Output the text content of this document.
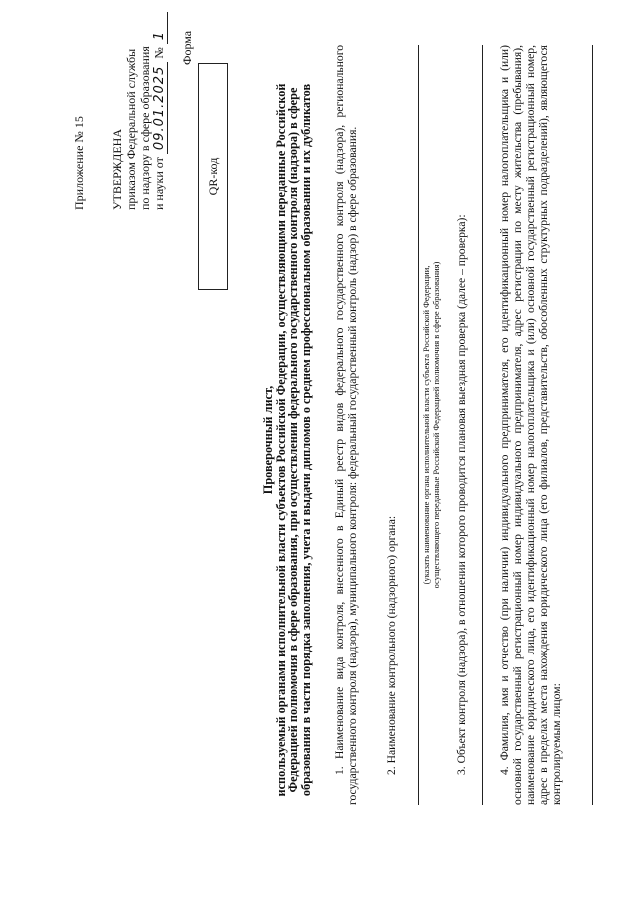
Приложение № 15 УТВЕРЖДЕНА приказом Федеральной службы по надзору в сфере образования и науки от 09.01.2025 № 1 Форма
QR-код
Проверочный лист,
используемый органами исполнительной власти субъектов Российской Федерации, осуществляющими переданные Российской
Федерацией полномочия в сфере образования, при осуществлении федерального государственного контроля (надзора) в сфере
образования в части порядка заполнения, учета и выдачи дипломов о среднем профессиональном образовании и их дубликатов 1. Наименование вида контроля, внесенного в Единый реестр видов федерального государственного контроля (надзора), регионального государственного контроля (надзора), муниципального контроля: федеральный государственный контроль (надзор) в сфере образования. 2. Наименование контрольного (надзорного) органа:
(указать наименование органа исполнительной власти субъекта Российской Федерации, осуществляющего переданные Российской Федерацией полномочия в сфере образования) 3. Объект контроля (надзора), в отношении которого проводится плановая выездная проверка (далее – проверка):	4. Фамилия, имя и отчество (при наличии) индивидуального предпринимателя, его идентификационный номер налогоплательщика и (или) основной государственный регистрационный номер индивидуального предпринимателя, адрес регистрации по месту жительства (пребывания), наименование юридического лица, его идентификационный номер налогоплательщика и (или) основной государственный регистрационный номер, адрес в пределах места нахождения юридического лица (его филиалов, представительств, обособленных структурных подразделений), являющегося контролируемым лицом:
